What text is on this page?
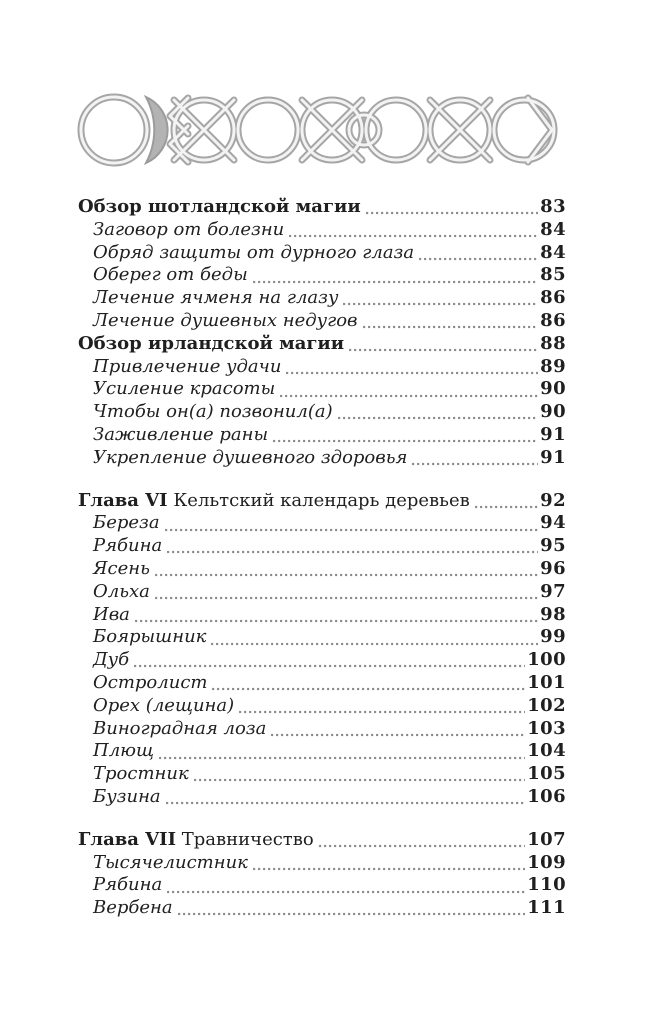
Обзор шотландской магии	83
Заговор от болезни	84
Обряд защиты от дурного глаза	84
Оберег от беды	85
Лечение ячменя на глазу	86
Лечение душевных недугов	86
Обзор ирландской магии	88
Привлечение удачи	89
Усиление красоты	90
Чтобы он(а) позвонил(а)	90
Заживление раны	91
Укрепление душевного здоровья	91
Глава VI Кельтский календарь деревьев	92
Береза	94
Рябина	95
Ясень	96
Ольха	97
Ива	98
Боярышник	99
Дуб	100
Остролист	101
Орех (лещина)	102
Виноградная лоза	103
Плющ	104
Тростник	105
Бузина	106
Глава VII Травничество	107
Тысячелистник	109
Рябина	110
Вербена	111
